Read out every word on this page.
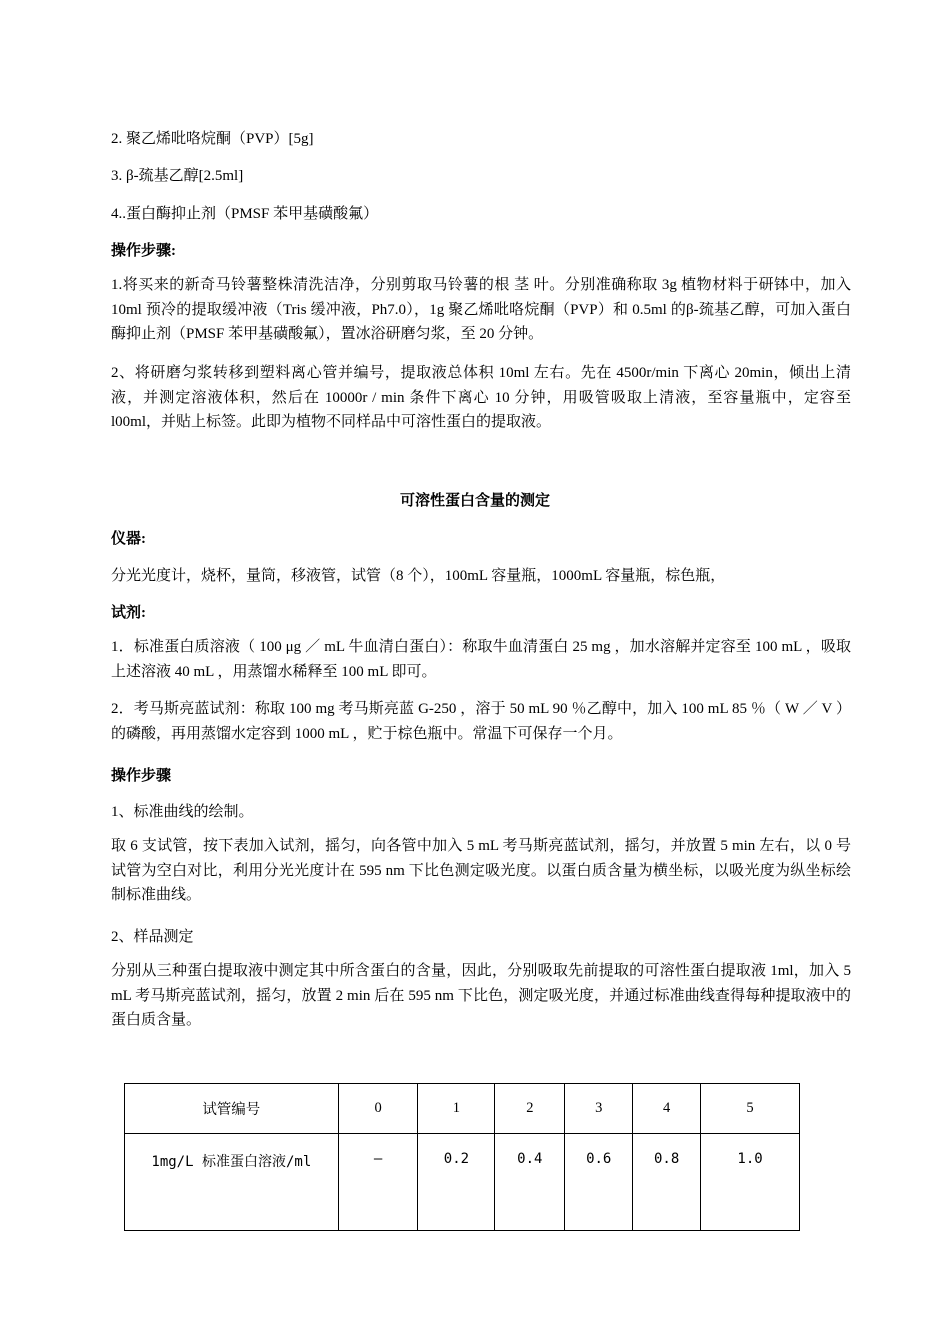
2. 聚乙烯吡咯烷酮（PVP）[5g]
3. β-巯基乙醇[2.5ml]
4..蛋白酶抑止剂（PMSF 苯甲基磺酸氟）
操作步骤:
1.将买来的新奇马铃薯整株清洗洁净，分别剪取马铃薯的根 茎 叶。分别准确称取 3g 植物材料于研钵中，加入 10ml 预冷的提取缓冲液（Tris 缓冲液，Ph7.0），1g 聚乙烯吡咯烷酮（PVP）和 0.5ml 的β-巯基乙醇，可加入蛋白酶抑止剂（PMSF 苯甲基磺酸氟），置冰浴研磨匀浆，至 20 分钟。
2、将研磨匀浆转移到塑料离心管并编号，提取液总体积 10ml 左右。先在 4500r/min 下离心 20min，倾出上清液，并测定溶液体积，然后在 10000r / min 条件下离心 10 分钟，用吸管吸取上清液，至容量瓶中，定容至 l00ml，并贴上标签。此即为植物不同样品中可溶性蛋白的提取液。
可溶性蛋白含量的测定
仪器:
分光光度计，烧杯，量筒，移液管，试管（8 个），100mL 容量瓶，1000mL 容量瓶，棕色瓶，
试剂:
1．标准蛋白质溶液（ 100 μg ／ mL 牛血清白蛋白）：称取牛血清蛋白 25 mg ，加水溶解并定容至 100 mL ，吸取上述溶液 40 mL ，用蒸馏水稀释至 100 mL 即可。
2．考马斯亮蓝试剂：称取 100 mg 考马斯亮蓝 G-250 ，溶于 50 mL 90 ％乙醇中，加入 100 mL 85 ％（ W ／ V ）的磷酸，再用蒸馏水定容到 1000 mL ，贮于棕色瓶中。常温下可保存一个月。
操作步骤
1、标准曲线的绘制。
取 6 支试管，按下表加入试剂，摇匀，向各管中加入 5 mL 考马斯亮蓝试剂，摇匀，并放置 5 min 左右，以 0 号试管为空白对比，利用分光光度计在 595 nm 下比色测定吸光度。以蛋白质含量为横坐标，以吸光度为纵坐标绘制标准曲线。
2、样品测定
分别从三种蛋白提取液中测定其中所含蛋白的含量，因此，分别吸取先前提取的可溶性蛋白提取液 1ml，加入 5 mL 考马斯亮蓝试剂，摇匀，放置 2 min 后在 595 nm 下比色，测定吸光度，并通过标准曲线查得每种提取液中的蛋白质含量。
试管编号	0	1	2	3	4	5
1mg/L 标准蛋白溶液/ml	—	0.2	0.4	0.6	0.8	1.0
